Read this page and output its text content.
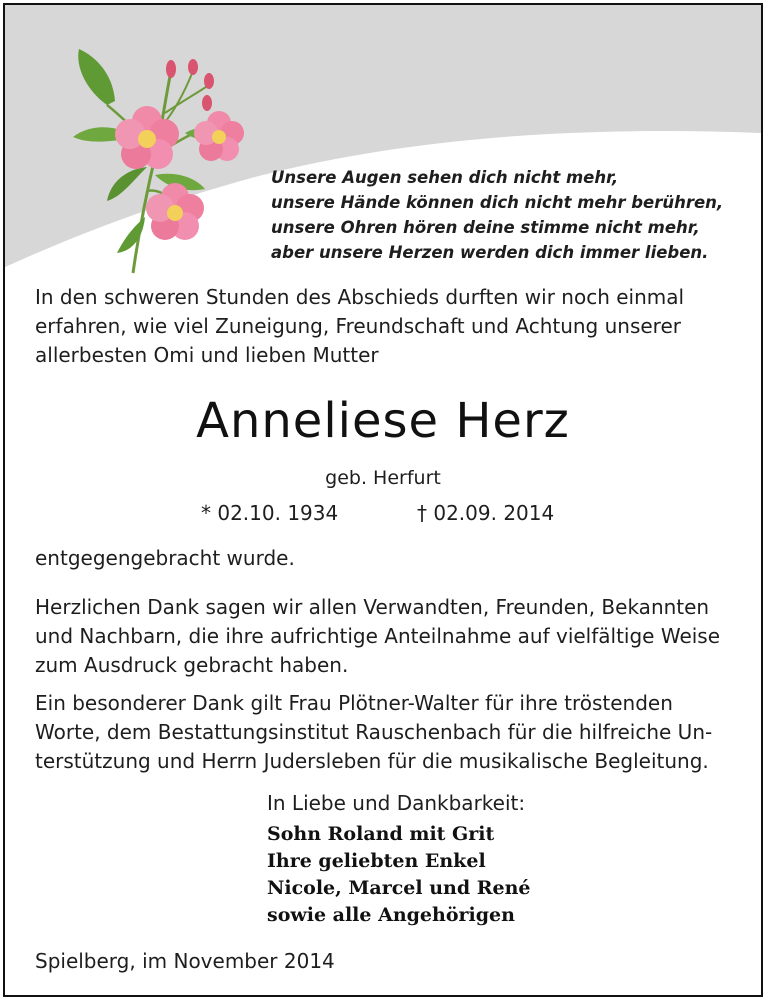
Unsere Augen sehen dich nicht mehr,
unsere Hände können dich nicht mehr berühren,
unsere Ohren hören deine stimme nicht mehr,
aber unsere Herzen werden dich immer lieben.
In den schweren Stunden des Abschieds durften wir noch einmal
erfahren, wie viel Zuneigung, Freundschaft und Achtung unserer
allerbesten Omi und lieben Mutter
Anneliese Herz
geb. Herfurt
* 02.10. 1934	† 02.09. 2014
entgegengebracht wurde.
Herzlichen Dank sagen wir allen Verwandten, Freunden, Bekannten
und Nachbarn, die ihre aufrichtige Anteilnahme auf vielfältige Weise
zum Ausdruck gebracht haben.
Ein besonderer Dank gilt Frau Plötner-Walter für ihre tröstenden
Worte, dem Bestattungsinstitut Rauschenbach für die hilfreiche Un-
terstützung und Herrn Judersleben für die musikalische Begleitung.
In Liebe und Dankbarkeit:
Sohn Roland mit Grit
Ihre geliebten Enkel
Nicole, Marcel und René
sowie alle Angehörigen
Spielberg, im November 2014
